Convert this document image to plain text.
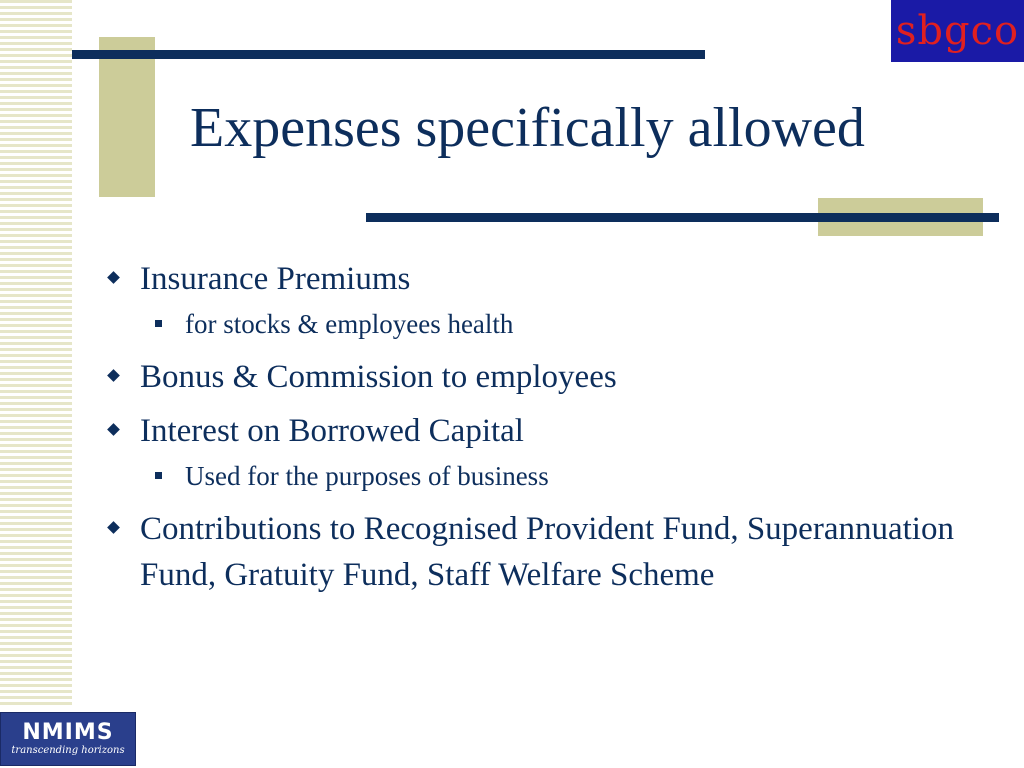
Expenses specifically allowed
sbgco
Insurance Premiums
for stocks & employees health
Bonus & Commission to employees
Interest on Borrowed Capital
Used for the purposes of business
Contributions to Recognised Provident Fund, Superannuation Fund, Gratuity Fund, Staff Welfare Scheme
NMIMS
transcending horizons
